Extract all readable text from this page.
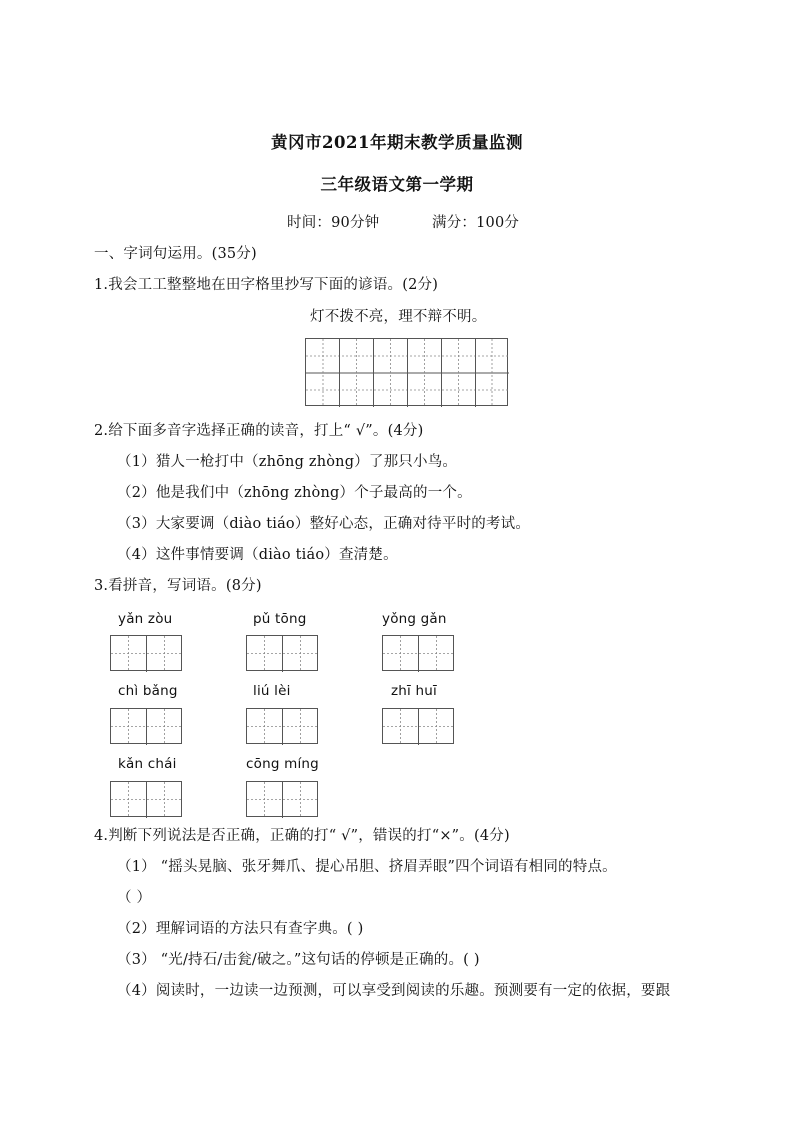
黄冈市2021年期末教学质量监测
三年级语文第一学期
时间：90分钟	满分：100分
一、字词句运用。(35分)
1.我会工工整整地在田字格里抄写下面的谚语。(2分)
灯不拨不亮，理不辩不明。
2.给下面多音字选择正确的读音，打上“ √”。(4分)
（1）猎人一枪打中（zhōng zhòng）了那只小鸟。
（2）他是我们中（zhōng zhòng）个子最高的一个。
（3）大家要调（diào tiáo）整好心态，正确对待平时的考试。
（4）这件事情要调（diào tiáo）查清楚。
3.看拼音，写词语。(8分)
yǎn zòu	pǔ tōng	yǒng gǎn
chì bǎng	liú lèi	zhī huī
kǎn chái	cōng míng
4.判断下列说法是否正确，正确的打“ √”，错误的打“×”。(4分)
（1） “摇头晃脑、张牙舞爪、提心吊胆、挤眉弄眼”四个词语有相同的特点。
（ ）
（2）理解词语的方法只有查字典。( )
（3） “光/持石/击瓮/破之。”这句话的停顿是正确的。( )
（4）阅读时，一边读一边预测，可以享受到阅读的乐趣。预测要有一定的依据，要跟
